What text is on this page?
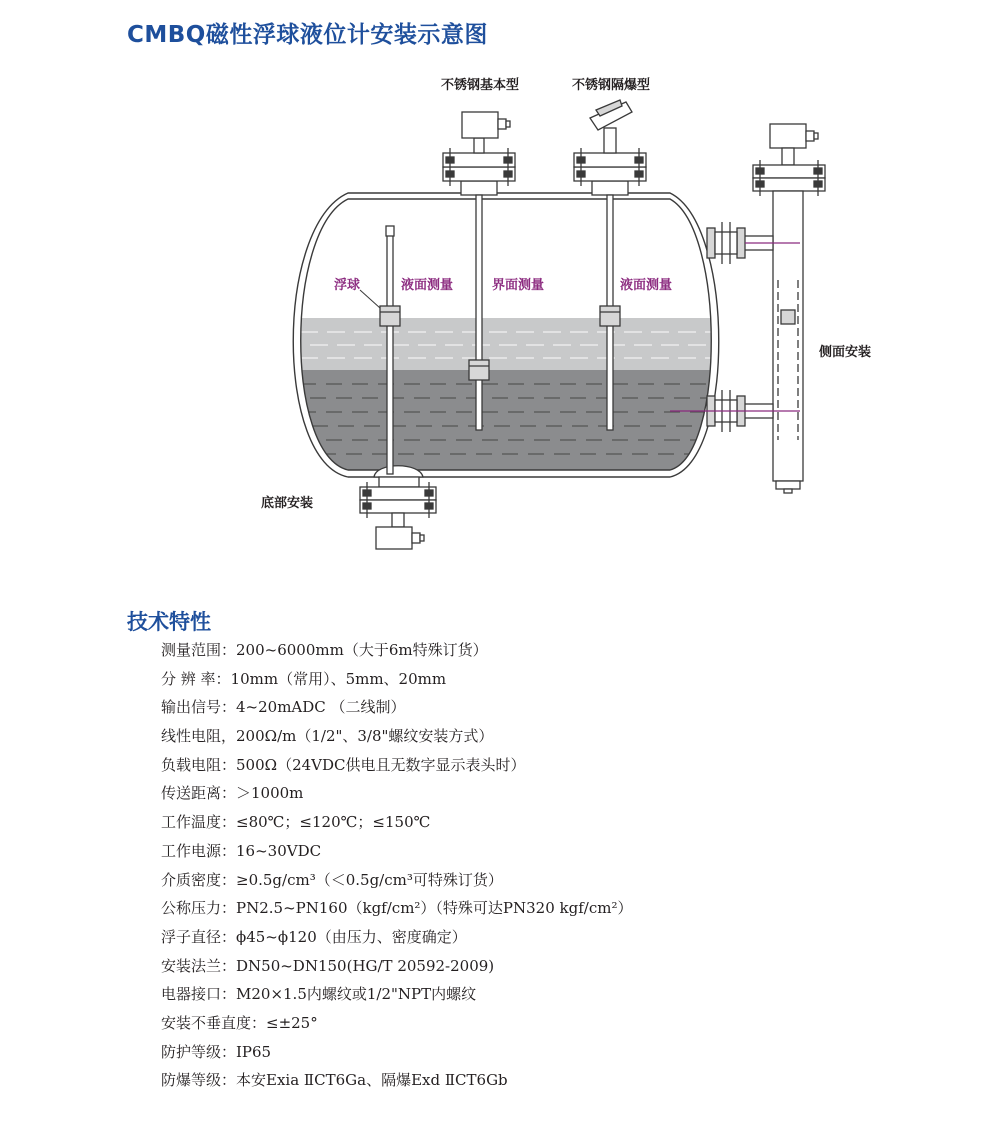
CMBQ磁性浮球液位计安装示意图
不锈钢基本型	不锈钢隔爆型
浮球	液面测量	界面测量	液面测量
侧面安装
底部安装
技术特性
测量范围：200~6000mm（大于6m特殊订货）
分 辨 率：10mm（常用）、5mm、20mm
输出信号：4~20mADC （二线制）
线性电阻，200Ω/m（1/2"、3/8"螺纹安装方式）
负载电阻：500Ω（24VDC供电且无数字显示表头时）
传送距离：＞1000m
工作温度：≤80℃；≤120℃；≤150℃
工作电源：16~30VDC
介质密度：≥0.5g/cm³（＜0.5g/cm³可特殊订货）
公称压力：PN2.5~PN160（kgf/cm²）（特殊可达PN320 kgf/cm²）
浮子直径：ϕ45~ϕ120（由压力、密度确定）
安装法兰：DN50~DN150(HG/T 20592-2009)
电器接口：M20×1.5内螺纹或1/2"NPT内螺纹
安装不垂直度：≤±25°
防护等级：IP65
防爆等级：本安Exia ⅡCT6Ga、隔爆Exd ⅡCT6Gb
